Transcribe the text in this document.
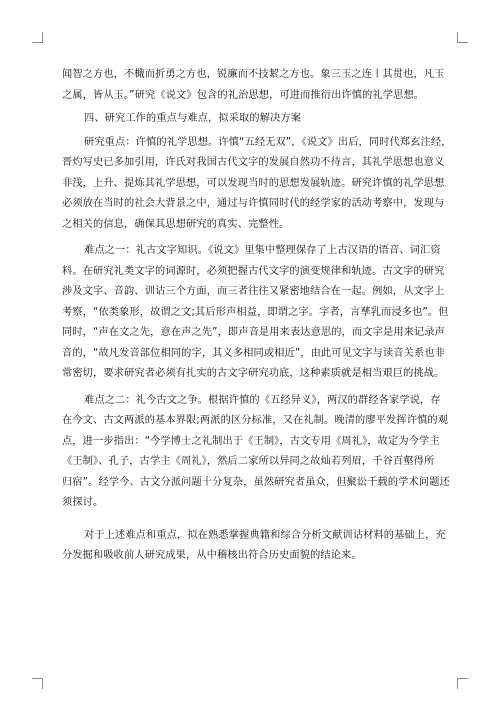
闻智之方也，不檝而折勇之方也，锐廉而不技絜之方也。象三玉之连丨其贯也，凡玉
之属，皆从玉。”研究《说文》包含的礼治思想，可进而推衍出许慎的礼学思想。
四、研究工作的重点与难点，拟采取的解决方案
研究重点：许慎的礼学思想。许慎“五经无双”，《说文》出后，同时代郑玄注经，
晋灼写史已多加引用，许氏对我国古代文字的发展自然功不待言，其礼学思想也意义
非浅，上升、提炼其礼学思想，可以发现当时的思想发展轨迹。研究许慎的礼学思想
必须放在当时的社会大背景之中，通过与许慎同时代的经学家的活动考察中，发现与
之相关的信息，确保其思想研究的真实、完整性。
难点之一：礼古文字知识。《说文》里集中整理保存了上古汉语的语音、词汇资
料。在研究礼类文字的词源时，必须把握古代文字的演变规律和轨迹。古文字的研究
涉及文字、音韵、训诂三个方面，而三者往往又紧密地结合在一起。例如，从文字上
考察，“依类象形，故谓之文;其后形声相益，即谓之字。字者，言孳乳而浸多也”。但
同时，“声在文之先，意在声之先”，即声音是用来表达意思的，而文字是用来记录声
音的，“故凡发音部位相同的字，其义多相同或相近”，由此可见文字与读音关系也非
常密切，要求研究者必须有扎实的古文字研究功底，这种素质就是相当艰巨的挑战。
难点之二：礼今古文之争。根据许慎的《五经异义》，两汉的群经各家学说，存
在今文、古文两派的基本界限;两派的区分标准，又在礼制。晚清的廖平发挥许慎的观
点，进一步指出：“今学博士之礼制出于《王制》，古文专用《周礼》，故定为今学主
《王制》、孔子，古学主《周礼》，然后二家所以异同之故灿若列眉，千谷百壑得所
归宿”。经学今、古文分派问题十分复杂，虽然研究者虽众，但聚讼千载的学术问题还
须探讨。
对于上述难点和重点，拟在熟悉掌握典籍和综合分析文献训诂材料的基础上，充
分发掘和吸收前人研究成果，从中稽核出符合历史面貌的结论来。
